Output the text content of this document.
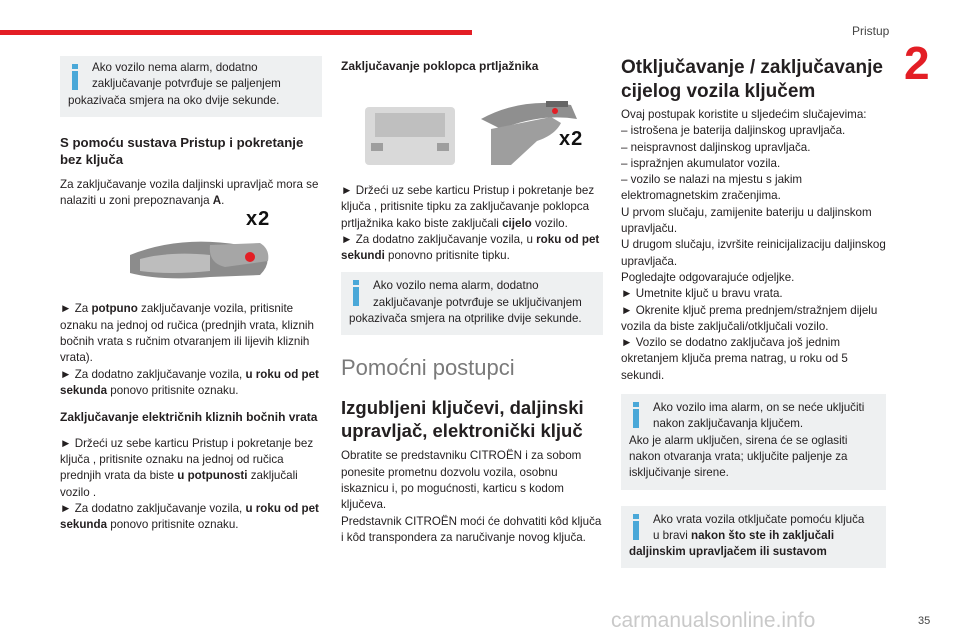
Pristup
2
Ako vozilo nema alarm, dodatno
zaključavanje potvrđuje se paljenjem pokazivača smjera na oko dvije sekunde.
S pomoću sustava Pristup i pokretanje bez ključa

Za zaključavanje vozila daljinski upravljač mora se nalaziti u zoni prepoznavanja A.

x2

► Za potpuno zaključavanje vozila, pritisnite oznaku na jednoj od ručica (prednjih vrata, kliznih bočnih vrata s ručnim otvaranjem ili lijevih kliznih vrata).

► Za dodatno zaključavanje vozila, u roku od pet sekunda ponovo pritisnite oznaku.

Zaključavanje električnih kliznih bočnih vrata

► Držeći uz sebe karticu Pristup i pokretanje bez ključa , pritisnite oznaku na jednoj od ručica prednjih vrata da biste u potpunosti zaključali vozilo .

► Za dodatno zaključavanje vozila, u roku od pet sekunda ponovo pritisnite oznaku.

Zaključavanje poklopca prtljažnika
x2

► Držeći uz sebe karticu Pristup i pokretanje bez ključa , pritisnite tipku za zaključavanje poklopca prtljažnika kako biste zaključali cijelo vozilo.

► Za dodatno zaključavanje vozila, u roku od pet sekundi ponovno pritisnite tipku.

Ako vozilo nema alarm, dodatno
zaključavanje potvrđuje se uključivanjem pokazivača smjera na otprilike dvije sekunde.
Pomoćni postupci
Izgubljeni ključevi, daljinski upravljač, elektronički ključ

Obratite se predstavniku CITROËN i za sobom ponesite prometnu dozvolu vozila, osobnu iskaznicu i, po mogućnosti, karticu s kodom ključeva.

Predstavnik CITROËN moći će dohvatiti kôd ključa i kôd transpondera za naručivanje novog ključa.

Otključavanje / zaključavanje cijelog vozila ključem

Ovaj postupak koristite u sljedećim slučajevima:

– istrošena je baterija daljinskog upravljača.

– neispravnost daljinskog upravljača.

– ispražnjen akumulator vozila.

– vozilo se nalazi na mjestu s jakim elektromagnetskim zračenjima.

U prvom slučaju, zamijenite bateriju u daljinskom upravljaču.

U drugom slučaju, izvršite reinicijalizaciju daljinskog upravljača.

Pogledajte odgovarajuće odjeljke.

► Umetnite ključ u bravu vrata.

► Okrenite ključ prema prednjem/stražnjem dijelu vozila da biste zaključali/otključali vozilo.

► Vozilo se dodatno zaključava još jednim okretanjem ključa prema natrag, u roku od 5 sekundi.

Ako vozilo ima alarm, on se neće uključiti
nakon zaključavanja ključem.
Ako je alarm uključen, sirena će se oglasiti nakon otvaranja vrata; uključite paljenje za isključivanje sirene.
Ako vrata vozila otključate pomoću ključa
u bravi nakon što ste ih zaključali
daljinskim upravljačem ili sustavom
carmanualsonline.info	35
